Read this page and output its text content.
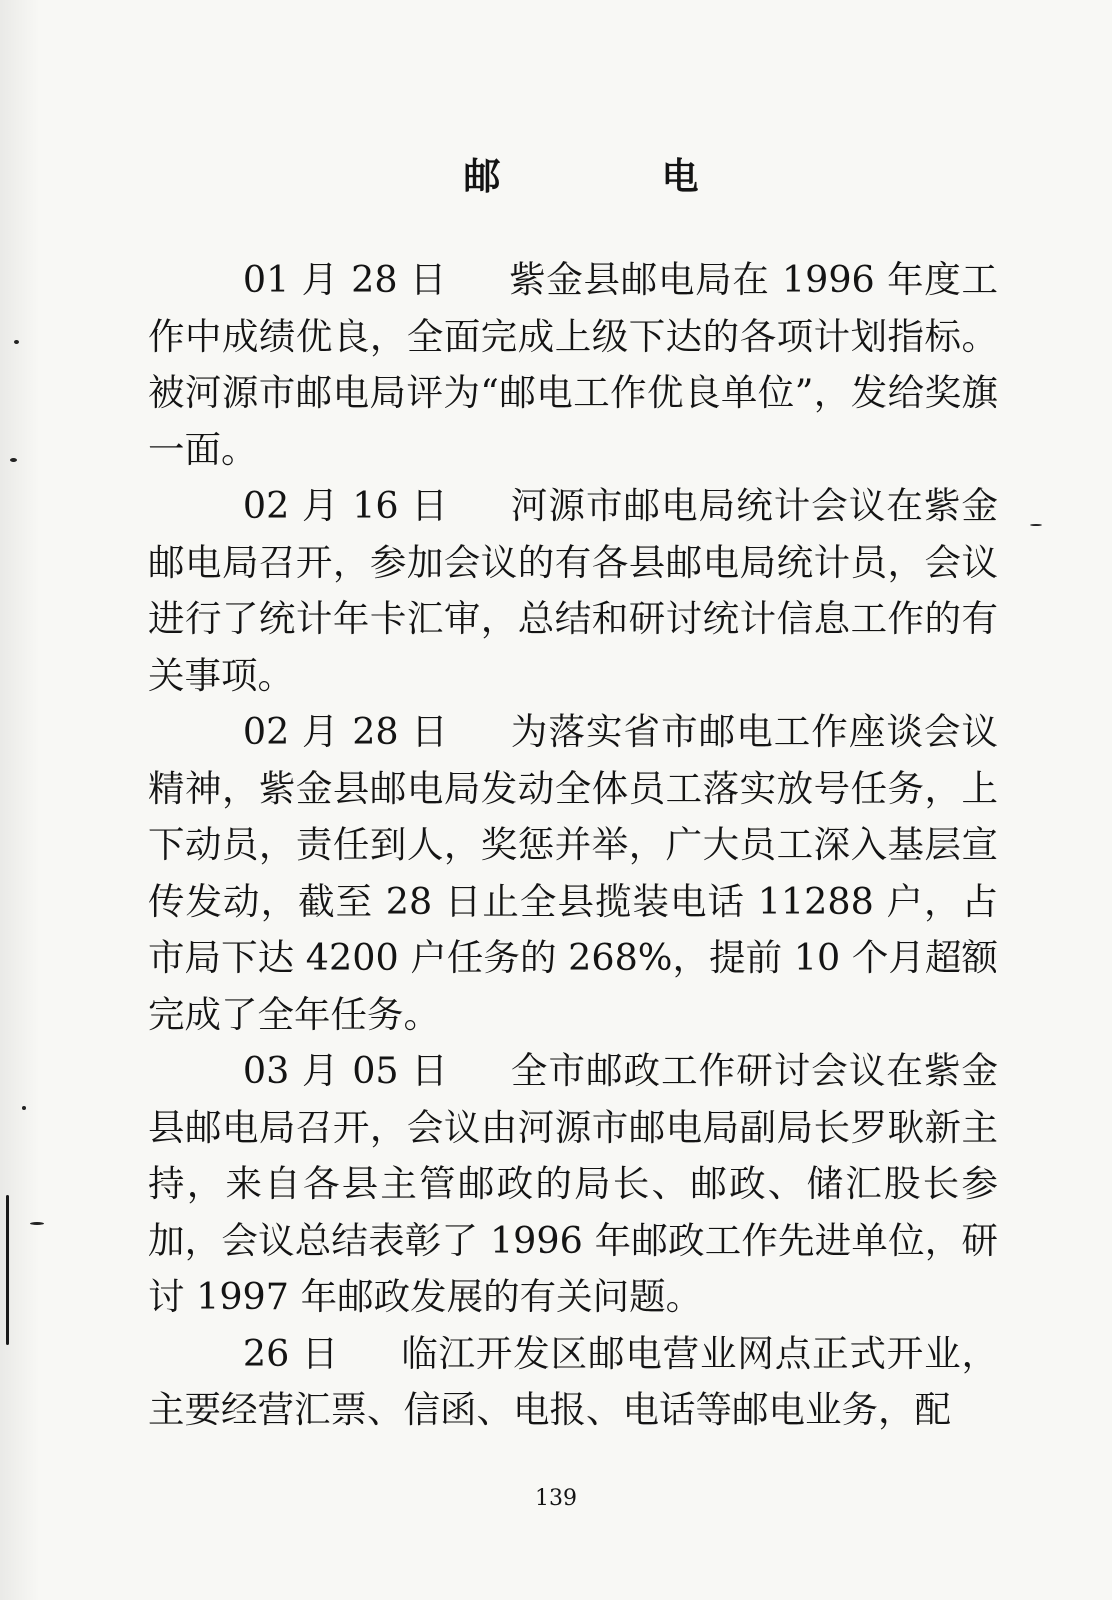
邮　电

01 月 28 日 紫金县邮电局在 1996 年度工作中成绩优良，全面完成上级下达的各项计划指标。被河源市邮电局评为“邮电工作优良单位”，发给奖旗一面。

02 月 16 日 河源市邮电局统计会议在紫金邮电局召开，参加会议的有各县邮电局统计员，会议进行了统计年卡汇审，总结和研讨统计信息工作的有关事项。

02 月 28 日 为落实省市邮电工作座谈会议精神，紫金县邮电局发动全体员工落实放号任务，上下动员，责任到人，奖惩并举，广大员工深入基层宣传发动，截至 28 日止全县揽装电话 11288 户，占市局下达 4200 户任务的 268%，提前 10 个月超额完成了全年任务。

03 月 05 日 全市邮政工作研讨会议在紫金县邮电局召开，会议由河源市邮电局副局长罗耿新主持，来自各县主管邮政的局长、邮政、储汇股长参加，会议总结表彰了 1996 年邮政工作先进单位，研讨 1997 年邮政发展的有关问题。

26 日 临江开发区邮电营业网点正式开业，主要经营汇票、信函、电报、电话等邮电业务，配

139
